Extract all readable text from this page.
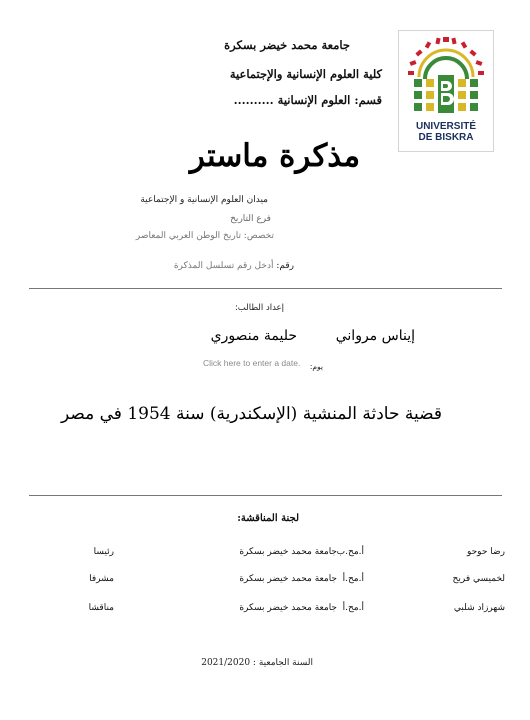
جامعة محمد خيضر بسكرة
كلية العلوم الإنسانية والإجتماعية
قسم: العلوم الإنسانية ..........
UNIVERSITÉ
DE BISKRA
مذكرة ماستر
ميدان العلوم الإنسانية و الإجتماعية
فرع التاريخ
تخصص: تاريخ الوطن العربي المعاصر
رقم: أدخل رقم تسلسل المذكرة
إعداد الطالب:
إيناس مرواني
حليمة منصوري
يوم:
Click here to enter a date.
قضية حادثة المنشية (الإسكندرية) سنة 1954 في مصر
لجنة المناقشة:
رضا حوحو
أ.مح.ب
جامعة محمد خيضر بسكرة
رئيسا
لخميسي فريح
أ.مح.أ
جامعة محمد خيضر بسكرة
مشرفا
شهرزاد شلبي
أ.مح.أ
جامعة محمد خيضر بسكرة
مناقشا
السنة الجامعية : 2021/2020
